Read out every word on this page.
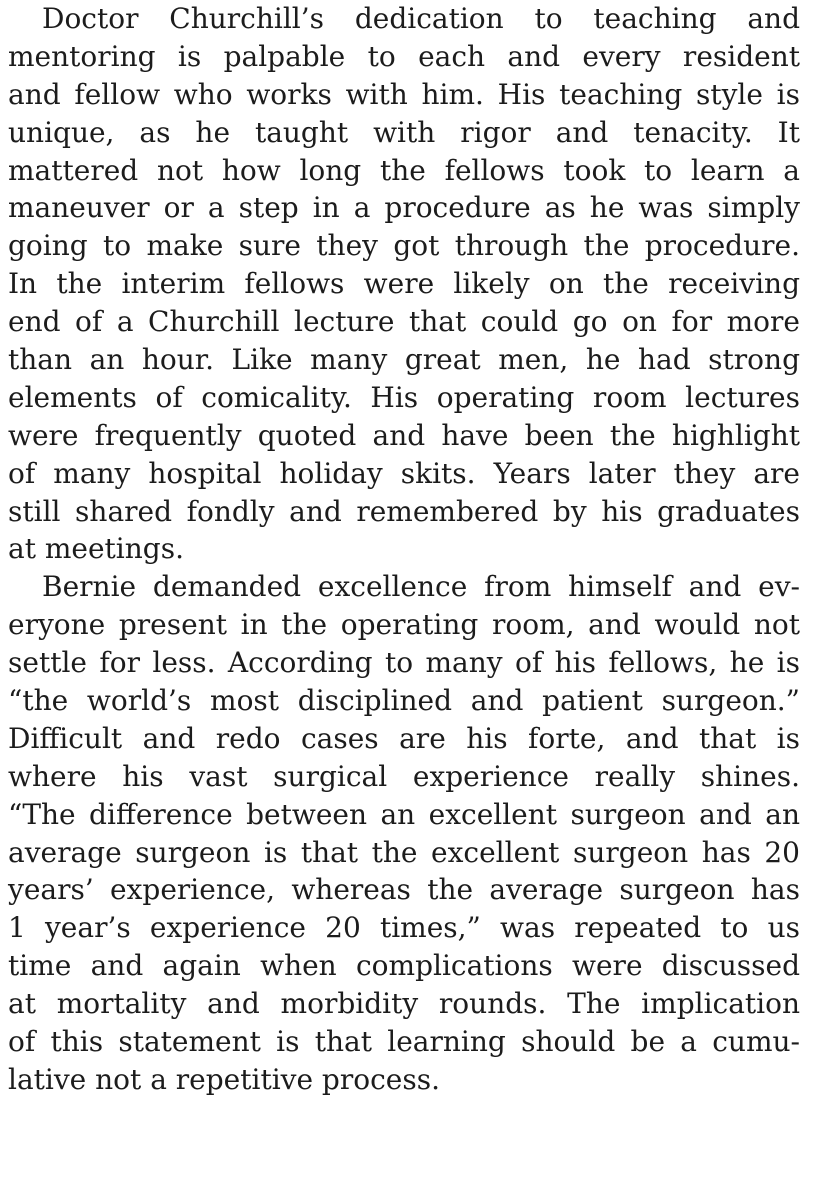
Doctor Churchill’s dedication to teaching and
mentoring is palpable to each and every resident
and fellow who works with him. His teaching style is
unique, as he taught with rigor and tenacity. It
mattered not how long the fellows took to learn a
maneuver or a step in a procedure as he was simply
going to make sure they got through the procedure.
In the interim fellows were likely on the receiving
end of a Churchill lecture that could go on for more
than an hour. Like many great men, he had strong
elements of comicality. His operating room lectures
were frequently quoted and have been the highlight
of many hospital holiday skits. Years later they are
still shared fondly and remembered by his graduates
at meetings.
Bernie demanded excellence from himself and ev-
eryone present in the operating room, and would not
settle for less. According to many of his fellows, he is
“the world’s most disciplined and patient surgeon.”
Difficult and redo cases are his forte, and that is
where his vast surgical experience really shines.
“The difference between an excellent surgeon and an
average surgeon is that the excellent surgeon has 20
years’ experience, whereas the average surgeon has
1 year’s experience 20 times,” was repeated to us
time and again when complications were discussed
at mortality and morbidity rounds. The implication
of this statement is that learning should be a cumu-
lative not a repetitive process.
